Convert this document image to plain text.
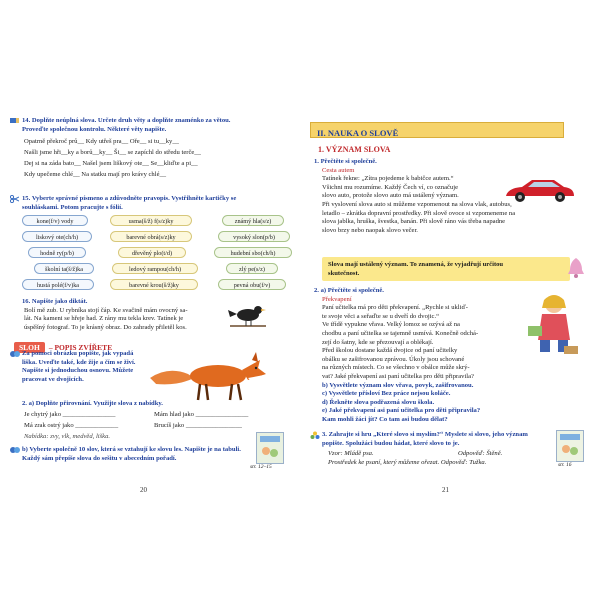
14. Doplňte neúplná slova. Určete druh věty a doplňte znaménko za větou.
Proveďte společnou kontrolu. Některé věty napište.
Opatrně překroč prů__ Kdy utřeš pra__ Oře__ si tu__ky__
Našli jsme hři__ky a borů__ky__ Ši__ se zapíchl do středu terče__
Dej si na záda bato__ Našel jsem liškový ote__ Se__kliďte a pi__
Kdy upečeme chlé__ Na statku mají pro krávy chlé__
15. Vyberte správné písmeno a zdůvodněte pravopis. Vystřihněte kartičky se
souhláskami. Potom pracujte s fólií.
kone(f/v) vody	usma(š/ž) f(s/z)ky	známý hla(s/z)
liskový ote(ch/h)	barevné obrá(s/z)ky	vysoký slon(p/b)
hodně ry(p/b)	dřevěný plo(t/d)	hudební sbo(ch/h)
školní ta(š/ž)ka	ledový rampou(ch/h)	zlý pe(s/z)
hustá polé(f/v)ka	barevné krou(š/ž)ky	pevná obu(f/v)
16. Napište jako diktát.
Bolí mě zub. U rybníka stojí čáp. Ke svačině mám ovocný sa-
lát. Na kameni se hřeje had. Z rány mu tekla krev. Tatínek je
úspěšný fotograf. To je krásný obraz. Do zahrady přiletěl kos.
SLOH – POPIS ZVÍŘETE
Za pomoci obrázku popište, jak vypadá liška. Uveďte také, kde žije a čím se živí. Napište si jednoduchou osnovu. Můžete pracovat ve dvojicích.
2. a) Doplňte přirovnání. Využijte slova z nabídky.
Je chytrý jako ________________	Mám hlad jako ________________
Má zrak ostrý jako _____________	Brucíš jako _________________
Nabídka: zvy, vlk, medvěd, liška.
b) Vyberte společně 10 slov, která se vztahují ke slovu les. Napište je na tabuli. Každý sám přepíše slova do sešitu v abecedním pořadí.
str. 12–15
20
II. NAUKA O SLOVĚ
1. VÝZNAM SLOVA
1. Přečtěte si společně.
Cesta autem
Tatínek řekne: „Zítra pojedeme k babičce autem.“
Všichni mu rozumíme. Každý Čech ví, co označuje
slovo auto, protože slovo auto má ustálený význam.
Při vyslovení slova auto si můžeme vzpomenout na slova vlak, autobus,
letadlo – zkrátka dopravní prostředky. Při slově ovoce si vzpomeneme na
slova jablka, hruška, švestka, banán. Při slově ráno vás třeba napadne
slovo brzy nebo naopak slovo večer.
Slova mají ustálený význam. To znamená, že vyjadřují určitou
skutečnost.
2. a) Přečtěte si společně.
Překvapení
Paní učitelka má pro děti překvapení. „Rychle si ukliď-
te svoje věci a seřaďte se u dveří do dvojic.“
Ve třídě vypukne vřava. Velký lomoz se ozývá až na
chodbu a paní učitelka se tajemně usmívá. Konečně odchá-
zejí do šatny, kde se přezouvají a oblékají.
Před školou dostane každá dvojice od paní učitelky
obálku se zašifrovanou zprávou. Úkoly jsou schované
na různých místech. Co se všechno v obálce může skrý-
vat? Jaké překvapení asi paní učitelka pro děti připravila?
b) Vysvětlete význam slov vřava, povyk, zašifrovanou.
c) Vysvětlete přísloví Bez práce nejsou koláče.
d) Řekněte slova podřazená slovu škola.
e) Jaké překvapení asi paní učitelka pro děti připravila?
Kam mohli žáci jít? Co tam asi budou dělat?
3. Zahrajte si hru „Které slovo si myslím?“ Myslete si slovo, jeho význam popište. Spolužáci budou hádat, které slovo to je.
Vzor: Mládě psa.	Odpověď: Štěně.
Prostředek ke psaní, který můžeme ořezat. Odpověď: Tužka.	str. 16
21
